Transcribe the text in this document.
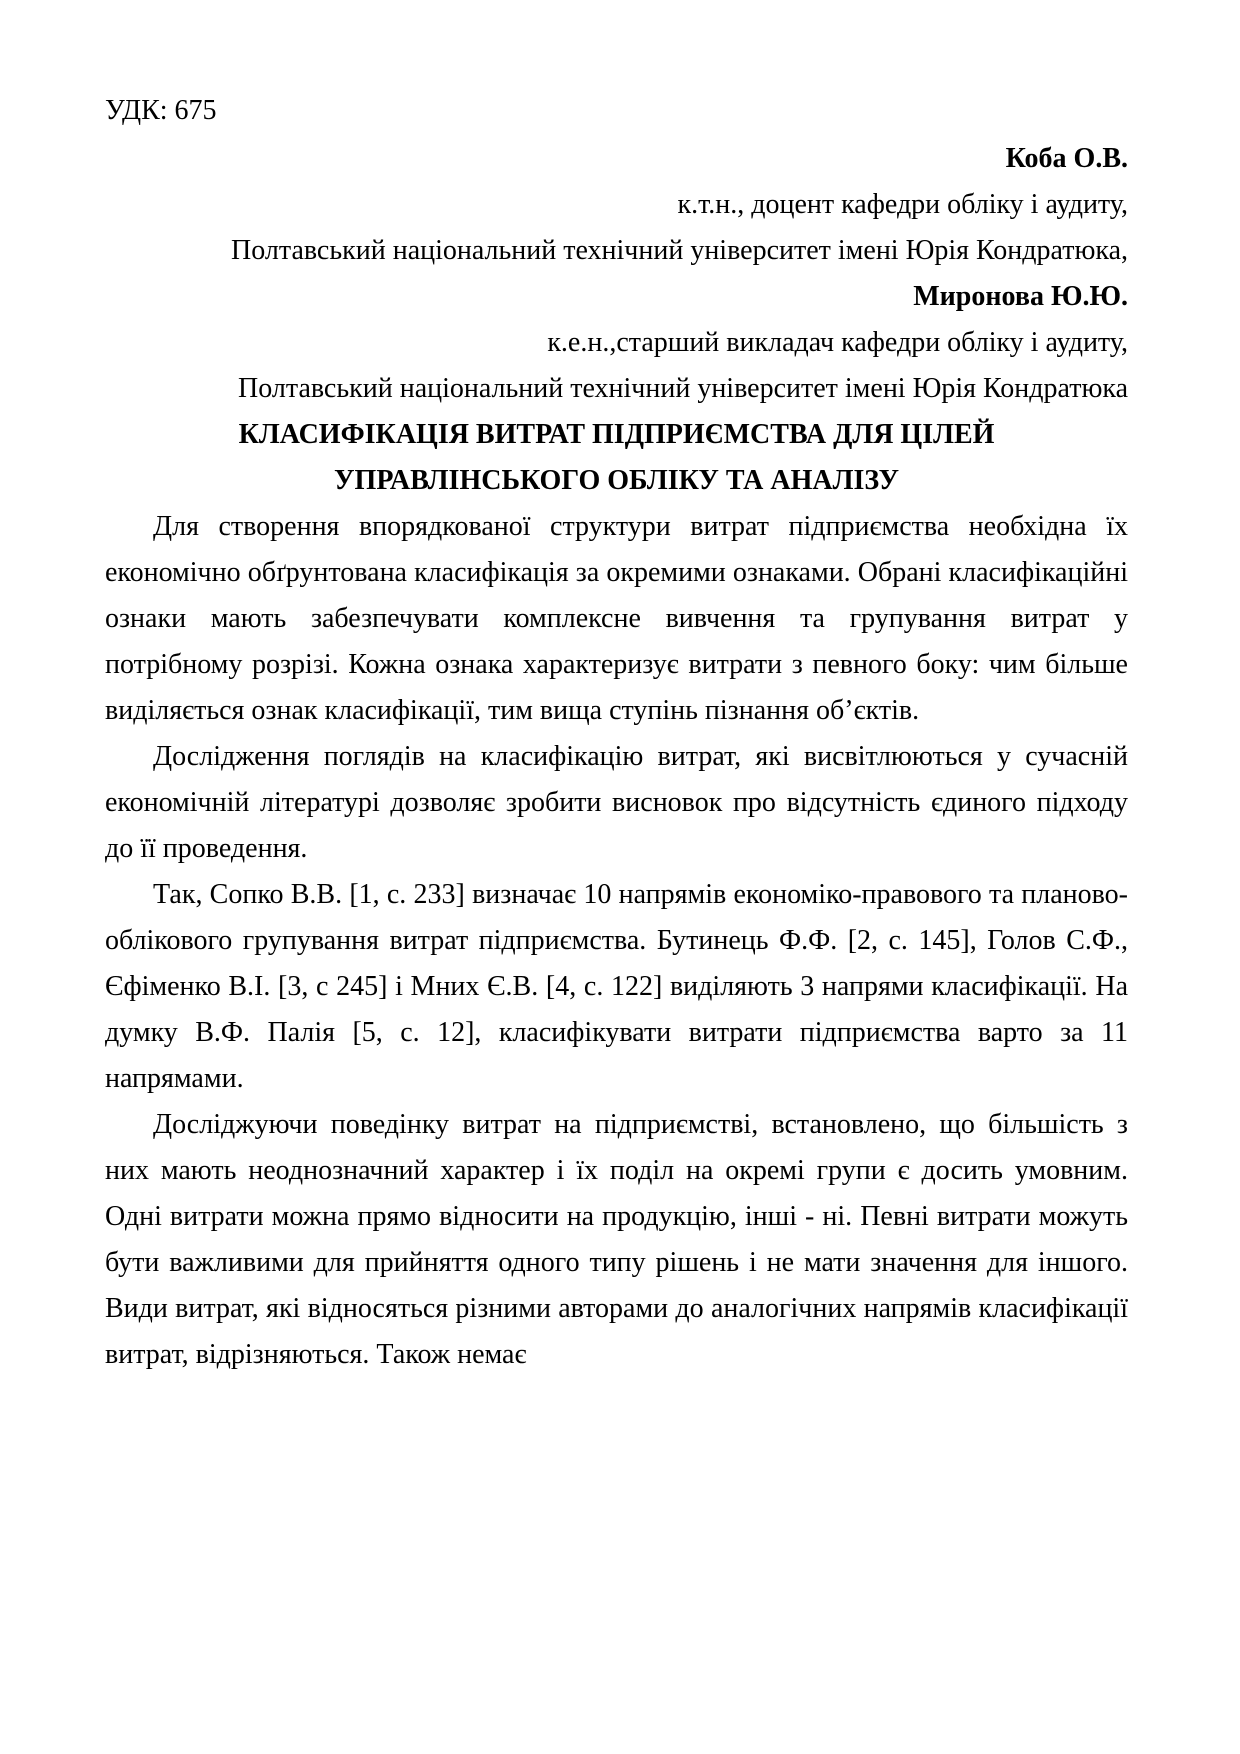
УДК: 675
Коба О.В.
к.т.н., доцент кафедри обліку і аудиту,
Полтавський національний технічний університет імені Юрія Кондратюка,
Миронова Ю.Ю.
к.е.н.,старший викладач кафедри обліку і аудиту,
Полтавський національний технічний університет імені Юрія Кондратюка
КЛАСИФІКАЦІЯ ВИТРАТ ПІДПРИЄМСТВА ДЛЯ ЦІЛЕЙ
УПРАВЛІНСЬКОГО ОБЛІКУ ТА АНАЛІЗУ

Для створення впорядкованої структури витрат підприємства необхідна їх економічно обґрунтована класифікація за окремими ознаками. Обрані класифікаційні ознаки мають забезпечувати комплексне вивчення та групування витрат у потрібному розрізі. Кожна ознака характеризує витрати з певного боку: чим більше виділяється ознак класифікації, тим вища ступінь пізнання об’єктів.

Дослідження поглядів на класифікацію витрат, які висвітлюються у сучасній економічній літературі дозволяє зробити висновок про відсутність єдиного підходу до її проведення.

Так, Сопко В.В. [1, с. 233] визначає 10 напрямів економіко-правового та планово-облікового групування витрат підприємства. Бутинець Ф.Ф. [2, с. 145], Голов С.Ф., Єфіменко В.І. [3, с 245] і Мних Є.В. [4, с. 122] виділяють 3 напрями класифікації. На думку В.Ф. Палія [5, с. 12], класифікувати витрати підприємства варто за 11 напрямами.

Досліджуючи поведінку витрат на підприємстві, встановлено, що більшість з них мають неоднозначний характер і їх поділ на окремі групи є досить умовним. Одні витрати можна прямо відносити на продукцію, інші - ні. Певні витрати можуть бути важливими для прийняття одного типу рішень і не мати значення для іншого. Види витрат, які відносяться різними авторами до аналогічних напрямів класифікації витрат, відрізняються. Також немає
